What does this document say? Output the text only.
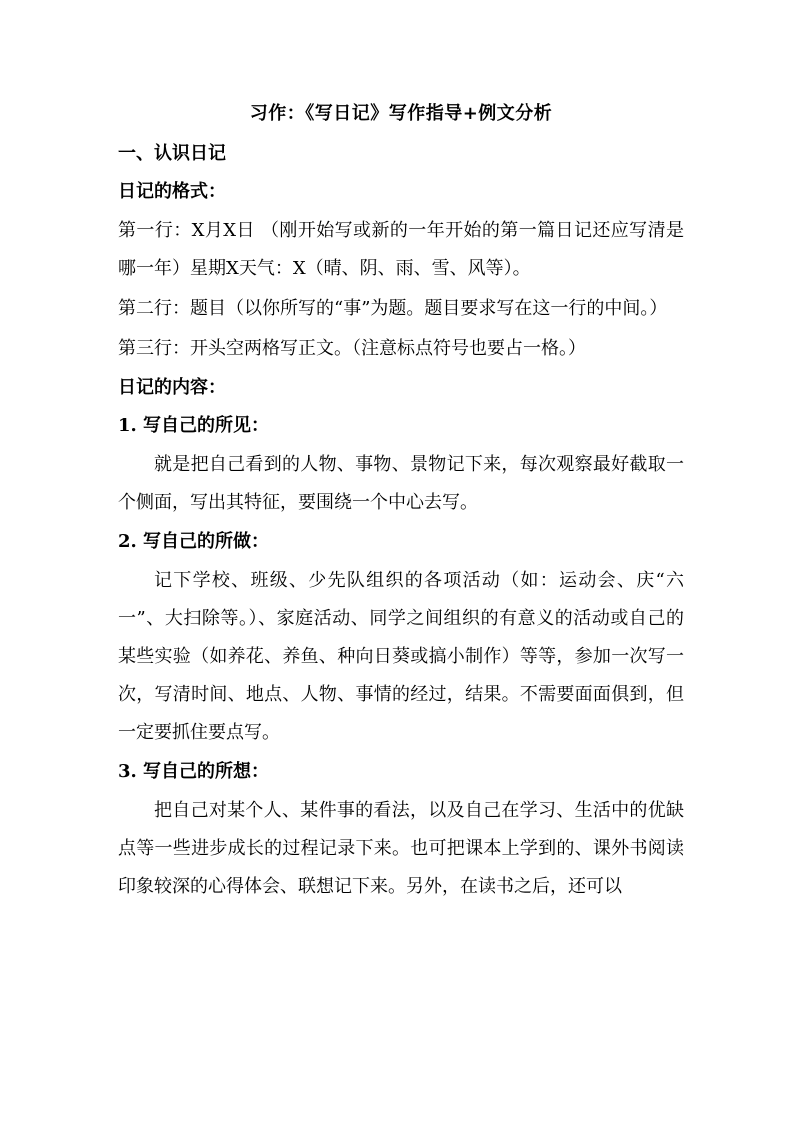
习作：《写日记》写作指导+例文分析
一、认识日记
日记的格式：
第一行：X月X日 （刚开始写或新的一年开始的第一篇日记还应写清是哪一年）星期X天气：X（晴、阴、雨、雪、风等）。
第二行：题目（以你所写的“事”为题。题目要求写在这一行的中间。）
第三行：开头空两格写正文。（注意标点符号也要占一格。）
日记的内容：
1. 写自己的所见：
就是把自己看到的人物、事物、景物记下来，每次观察最好截取一个侧面，写出其特征，要围绕一个中心去写。
2. 写自己的所做：
记下学校、班级、少先队组织的各项活动（如：运动会、庆“六一”、大扫除等。）、家庭活动、同学之间组织的有意义的活动或自己的某些实验（如养花、养鱼、种向日葵或搞小制作）等等，参加一次写一次，写清时间、地点、人物、事情的经过，结果。不需要面面俱到，但一定要抓住要点写。
3. 写自己的所想：
把自己对某个人、某件事的看法，以及自己在学习、生活中的优缺点等一些进步成长的过程记录下来。也可把课本上学到的、课外书阅读印象较深的心得体会、联想记下来。另外，在读书之后，还可以
